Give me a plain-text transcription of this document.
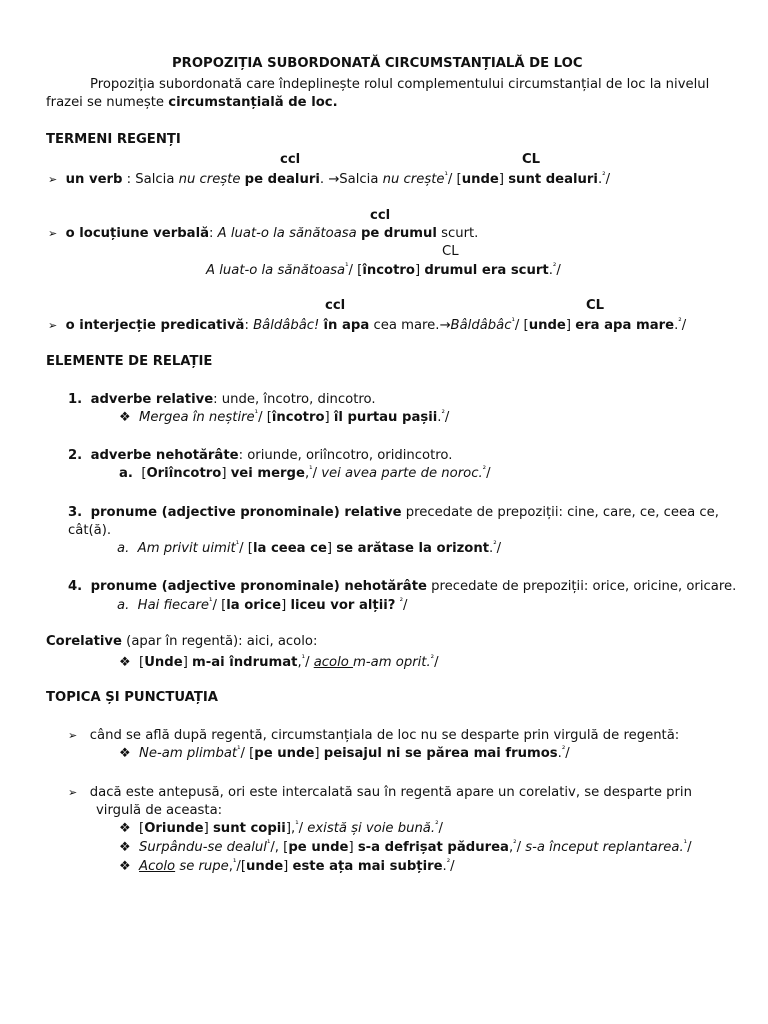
PROPOZIȚIA SUBORDONATĂ CIRCUMSTANȚIALĂ DE LOC
Propoziția subordonată care îndeplinește rolul complementului circumstanțial de loc la nivelul
frazei se numește circumstanțială de loc.
TERMENI REGENȚI
ccl	CL
➢ un verb : Salcia nu crește pe dealuri. →Salcia nu crește$^{^1}$/ [unde] sunt dealuri.$^{^2}$/
ccl
➢ o locuțiune verbală: A luat-o la sănătoasa pe drumul scurt.
CL
A luat-o la sănătoasa$^{^1}$/ [încotro] drumul era scurt.$^{^2}$/
ccl	CL
➢ o interjecție predicativă: Bâldâbâc! în apa cea mare.→Bâldâbâc$^{^1}$/ [unde] era apa mare.$^{^2}$/
ELEMENTE DE RELAȚIE
1. adverbe relative: unde, încotro, dincotro.
❖ Mergea în neștire$^{^1}$/ [încotro] îl purtau pașii.$^{^2}$/
2. adverbe nehotărâte: oriunde, oriîncotro, oridincotro.
a. [Oriîncotro] vei merge,$^{^1}$/ vei avea parte de noroc.$^{^2}$/
3. pronume (adjective pronominale) relative precedate de prepoziții: cine, care, ce, ceea ce,
cât(ă).
a. Am privit uimit$^{^1}$/ [la ceea ce] se arătase la orizont.$^{^2}$/
4. pronume (adjective pronominale) nehotărâte precedate de prepoziții: orice, oricine, oricare.
a. Hai fiecare$^{^1}$/ [la orice] liceu vor alții? $^{^2}$/
Corelative (apar în regentă): aici, acolo:
❖ [Unde] m-ai îndrumat,$^{^1}$/ acolo m-am oprit.$^{^2}$/
TOPICA ȘI PUNCTUAȚIA
➢ când se află după regentă, circumstanțiala de loc nu se desparte prin virgulă de regentă:
❖ Ne-am plimbat$^{^1}$/ [pe unde] peisajul ni se părea mai frumos.$^{^2}$/
➢ dacă este antepusă, ori este intercalată sau în regentă apare un corelativ, se desparte prin
virgulă de aceasta:
❖ [Oriunde] sunt copii],$^{^1}$/ există și voie bună.$^{^2}$/
❖ Surpându-se dealul$^{^1}$/, [pe unde] s-a defrișat pădurea,$^{^2}$/ s-a început replantarea.$^{^1}$/
❖ Acolo se rupe,$^{^1}$/[unde] este ața mai subțire.$^{^2}$/
